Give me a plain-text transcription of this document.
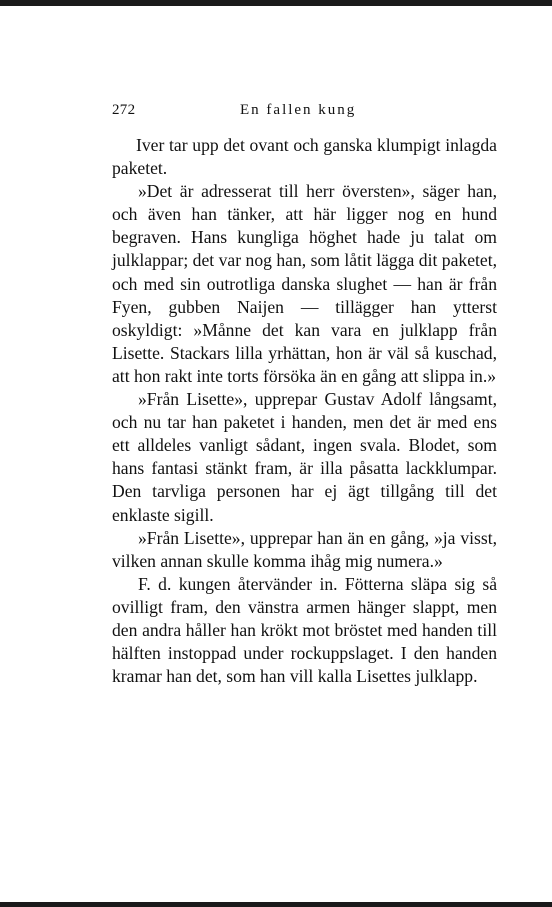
272	En fallen kung

Iver tar upp det ovant och ganska klumpigt inlagda paketet.

»Det är adresserat till herr översten», säger han, och även han tänker, att här ligger nog en hund begraven. Hans kungliga höghet hade ju talat om julklappar; det var nog han, som låtit lägga dit paketet, och med sin outrotliga danska slughet — han är från Fyen, gubben Naijen — tillägger han ytterst oskyldigt: »Månne det kan vara en julklapp från Lisette. Stackars lilla yrhättan, hon är väl så kuschad, att hon rakt inte torts försöka än en gång att slippa in.»

»Från Lisette», upprepar Gustav Adolf långsamt, och nu tar han paketet i handen, men det är med ens ett alldeles vanligt sådant, ingen svala. Blodet, som hans fantasi stänkt fram, är illa påsatta lackklumpar. Den tarvliga personen har ej ägt tillgång till det enklaste sigill.

»Från Lisette», upprepar han än en gång, »ja visst, vilken annan skulle komma ihåg mig numera.»

F. d. kungen återvänder in. Fötterna släpa sig så ovilligt fram, den vänstra armen hänger slappt, men den andra håller han krökt mot bröstet med handen till hälften instoppad under rockuppslaget. I den handen kramar han det, som han vill kalla Lisettes julklapp.
